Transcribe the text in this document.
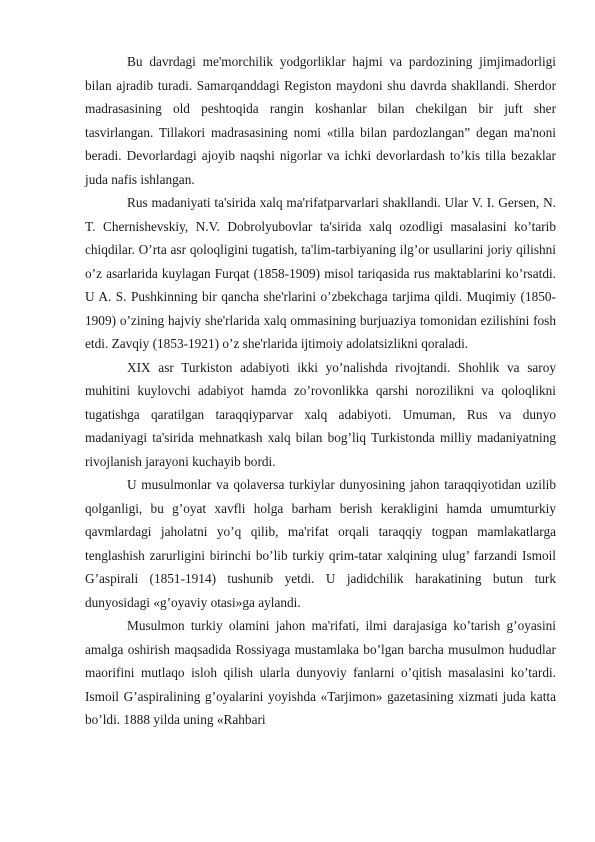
Bu davrdagi me'morchilik yodgorliklar hajmi va pardozining jimjimadorligi bilan ajradib turadi. Samarqanddagi Registon maydoni shu davrda shakllandi. Sherdor madrasasining old peshtoqida rangin koshanlar bilan chekilgan bir juft sher tasvirlangan. Tillakori madrasasining nomi «tilla bilan pardozlangan” degan ma'noni beradi. Devorlardagi ajoyib naqshi nigorlar va ichki devorlardash to’kis tilla bezaklar juda nafis ishlangan.

Rus madaniyati ta'sirida xalq ma'rifatparvarlari shakllandi. Ular V. I. Gersen, N. T. Chernishevskiy, N.V. Dobrolyubovlar ta'sirida xalq ozodligi masalasini ko’tarib chiqdilar. O’rta asr qoloqligini tugatish, ta'lim-tarbiyaning ilg’or usullarini joriy qilishni o’z asarlarida kuylagan Furqat (1858-1909) misol tariqasida rus maktablarini ko’rsatdi. U A. S. Pushkinning bir qancha she'rlarini o’zbekchaga tarjima qildi. Muqimiy (1850-1909) o’zining hajviy she'rlarida xalq ommasining burjuaziya tomonidan ezilishini fosh etdi. Zavqiy (1853-1921) o’z she'rlarida ijtimoiy adolatsizlikni qoraladi.

XIX asr Turkiston adabiyoti ikki yo’nalishda rivojtandi. Shohlik va saroy muhitini kuylovchi adabiyot hamda zo’rovonlikka qarshi norozilikni va qoloqlikni tugatishga qaratilgan taraqqiyparvar xalq adabiyoti. Umuman, Rus va dunyo madaniyagi ta'sirida mehnatkash xalq bilan bog’liq Turkistonda milliy madaniyatning rivojlanish jarayoni kuchayib bordi.

U musulmonlar va qolaversa turkiylar dunyosining jahon taraqqiyotidan uzilib qolganligi, bu g’oyat xavfli holga barham berish kerakligini hamda umumturkiy qavmlardagi jaholatni yo’q qilib, ma'rifat orqali taraqqiy togpan mamlakatlarga tenglashish zarurligini birinchi bo’lib turkiy qrim-tatar xalqining ulug’ farzandi Ismoil G’aspirali (1851-1914) tushunib yetdi. U jadidchilik harakatining butun turk dunyosidagi «g’oyaviy otasi»ga aylandi.

Musulmon turkiy olamini jahon ma'rifati, ilmi darajasiga ko’tarish g’oyasini amalga oshirish maqsadida Rossiyaga mustamlaka bo’lgan barcha musulmon hududlar maorifini mutlaqo isloh qilish ularla dunyoviy fanlarni o’qitish masalasini ko’tardi. Ismoil G’aspiralining g’oyalarini yoyishda «Tarjimon» gazetasining xizmati juda katta bo’ldi. 1888 yilda uning «Rahbari
